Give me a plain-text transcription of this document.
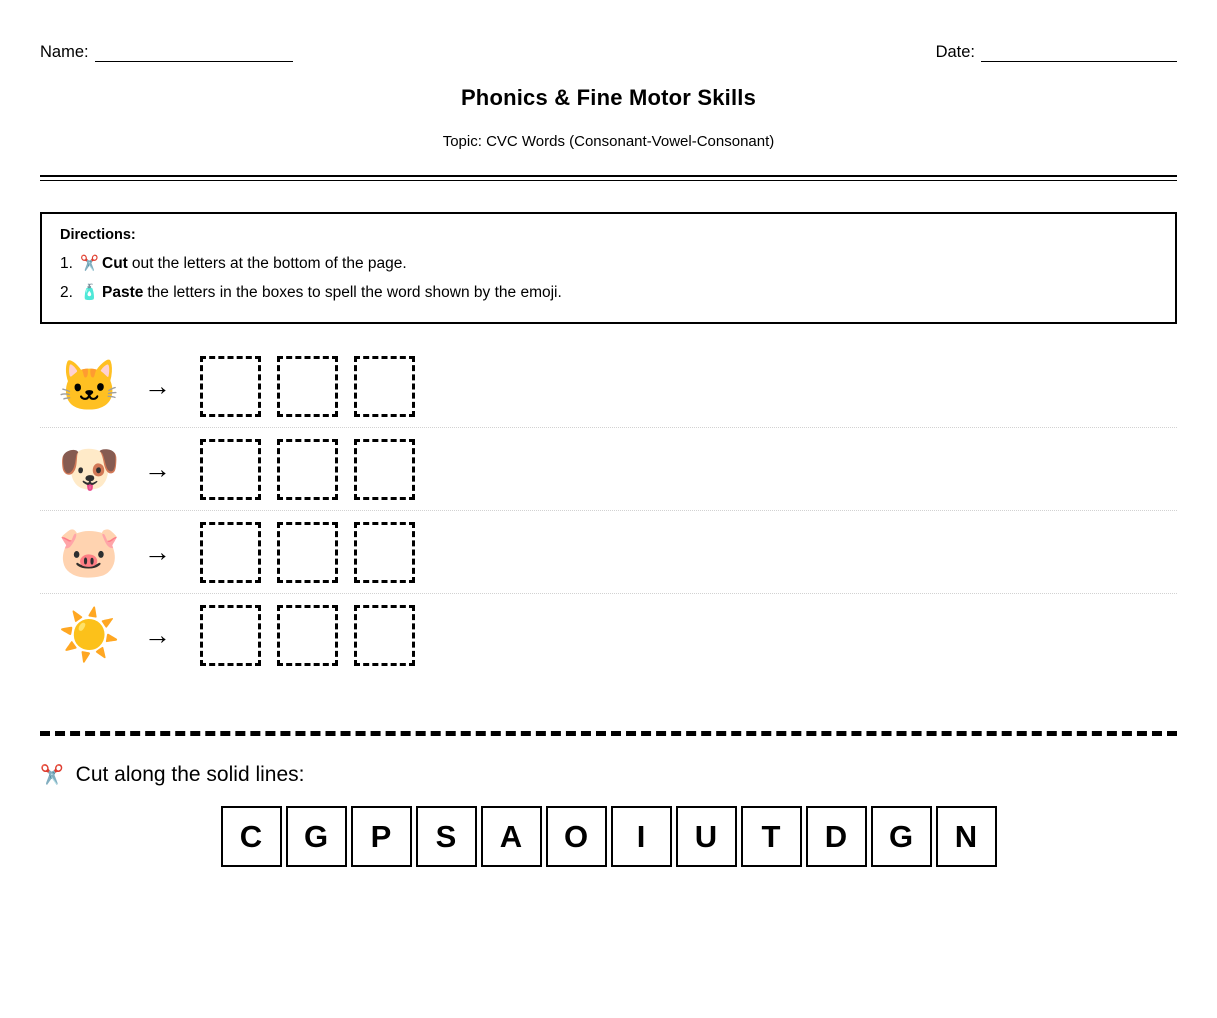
Name:	Date:
Phonics & Fine Motor Skills
Topic: CVC Words (Consonant-Vowel-Consonant)
Directions:
1. ✂️ Cut out the letters at the bottom of the page.
2. 🧴 Paste the letters in the boxes to spell the word shown by the emoji.
🐱 →
🐶 →
🐷 →
☀️ →
✂️ Cut along the solid lines:
C	G	P	S	A	O	I	U	T	D	G	N
